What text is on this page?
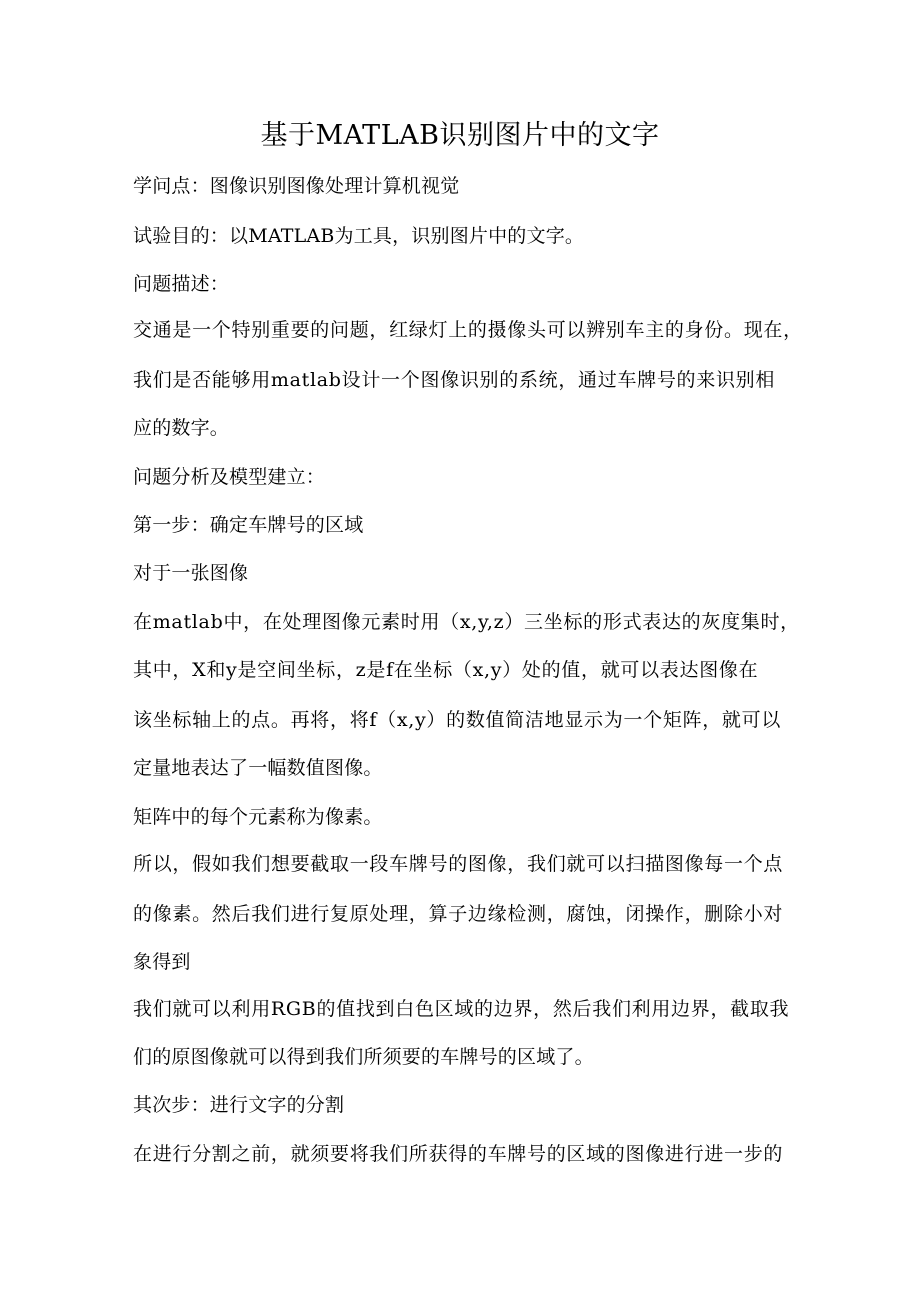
基于MATLAB识别图片中的文字
学问点：图像识别图像处理计算机视觉
试验目的：以MATLAB为工具，识别图片中的文字。
问题描述：
交通是一个特别重要的问题，红绿灯上的摄像头可以辨别车主的身份。现在，
我们是否能够用matlab设计一个图像识别的系统，通过车牌号的来识别相
应的数字。
问题分析及模型建立：
第一步：确定车牌号的区域
对于一张图像
在matlab中，在处理图像元素时用（x,y,z）三坐标的形式表达的灰度集时，
其中，X和y是空间坐标，z是f在坐标（x,y）处的值，就可以表达图像在
该坐标轴上的点。再将，将f（x,y）的数值简洁地显示为一个矩阵，就可以
定量地表达了一幅数值图像。
矩阵中的每个元素称为像素。
所以，假如我们想要截取一段车牌号的图像，我们就可以扫描图像每一个点
的像素。然后我们进行复原处理，算子边缘检测，腐蚀，闭操作，删除小对
象得到
我们就可以利用RGB的值找到白色区域的边界，然后我们利用边界，截取我
们的原图像就可以得到我们所须要的车牌号的区域了。
其次步：进行文字的分割
在进行分割之前，就须要将我们所获得的车牌号的区域的图像进行进一步的
